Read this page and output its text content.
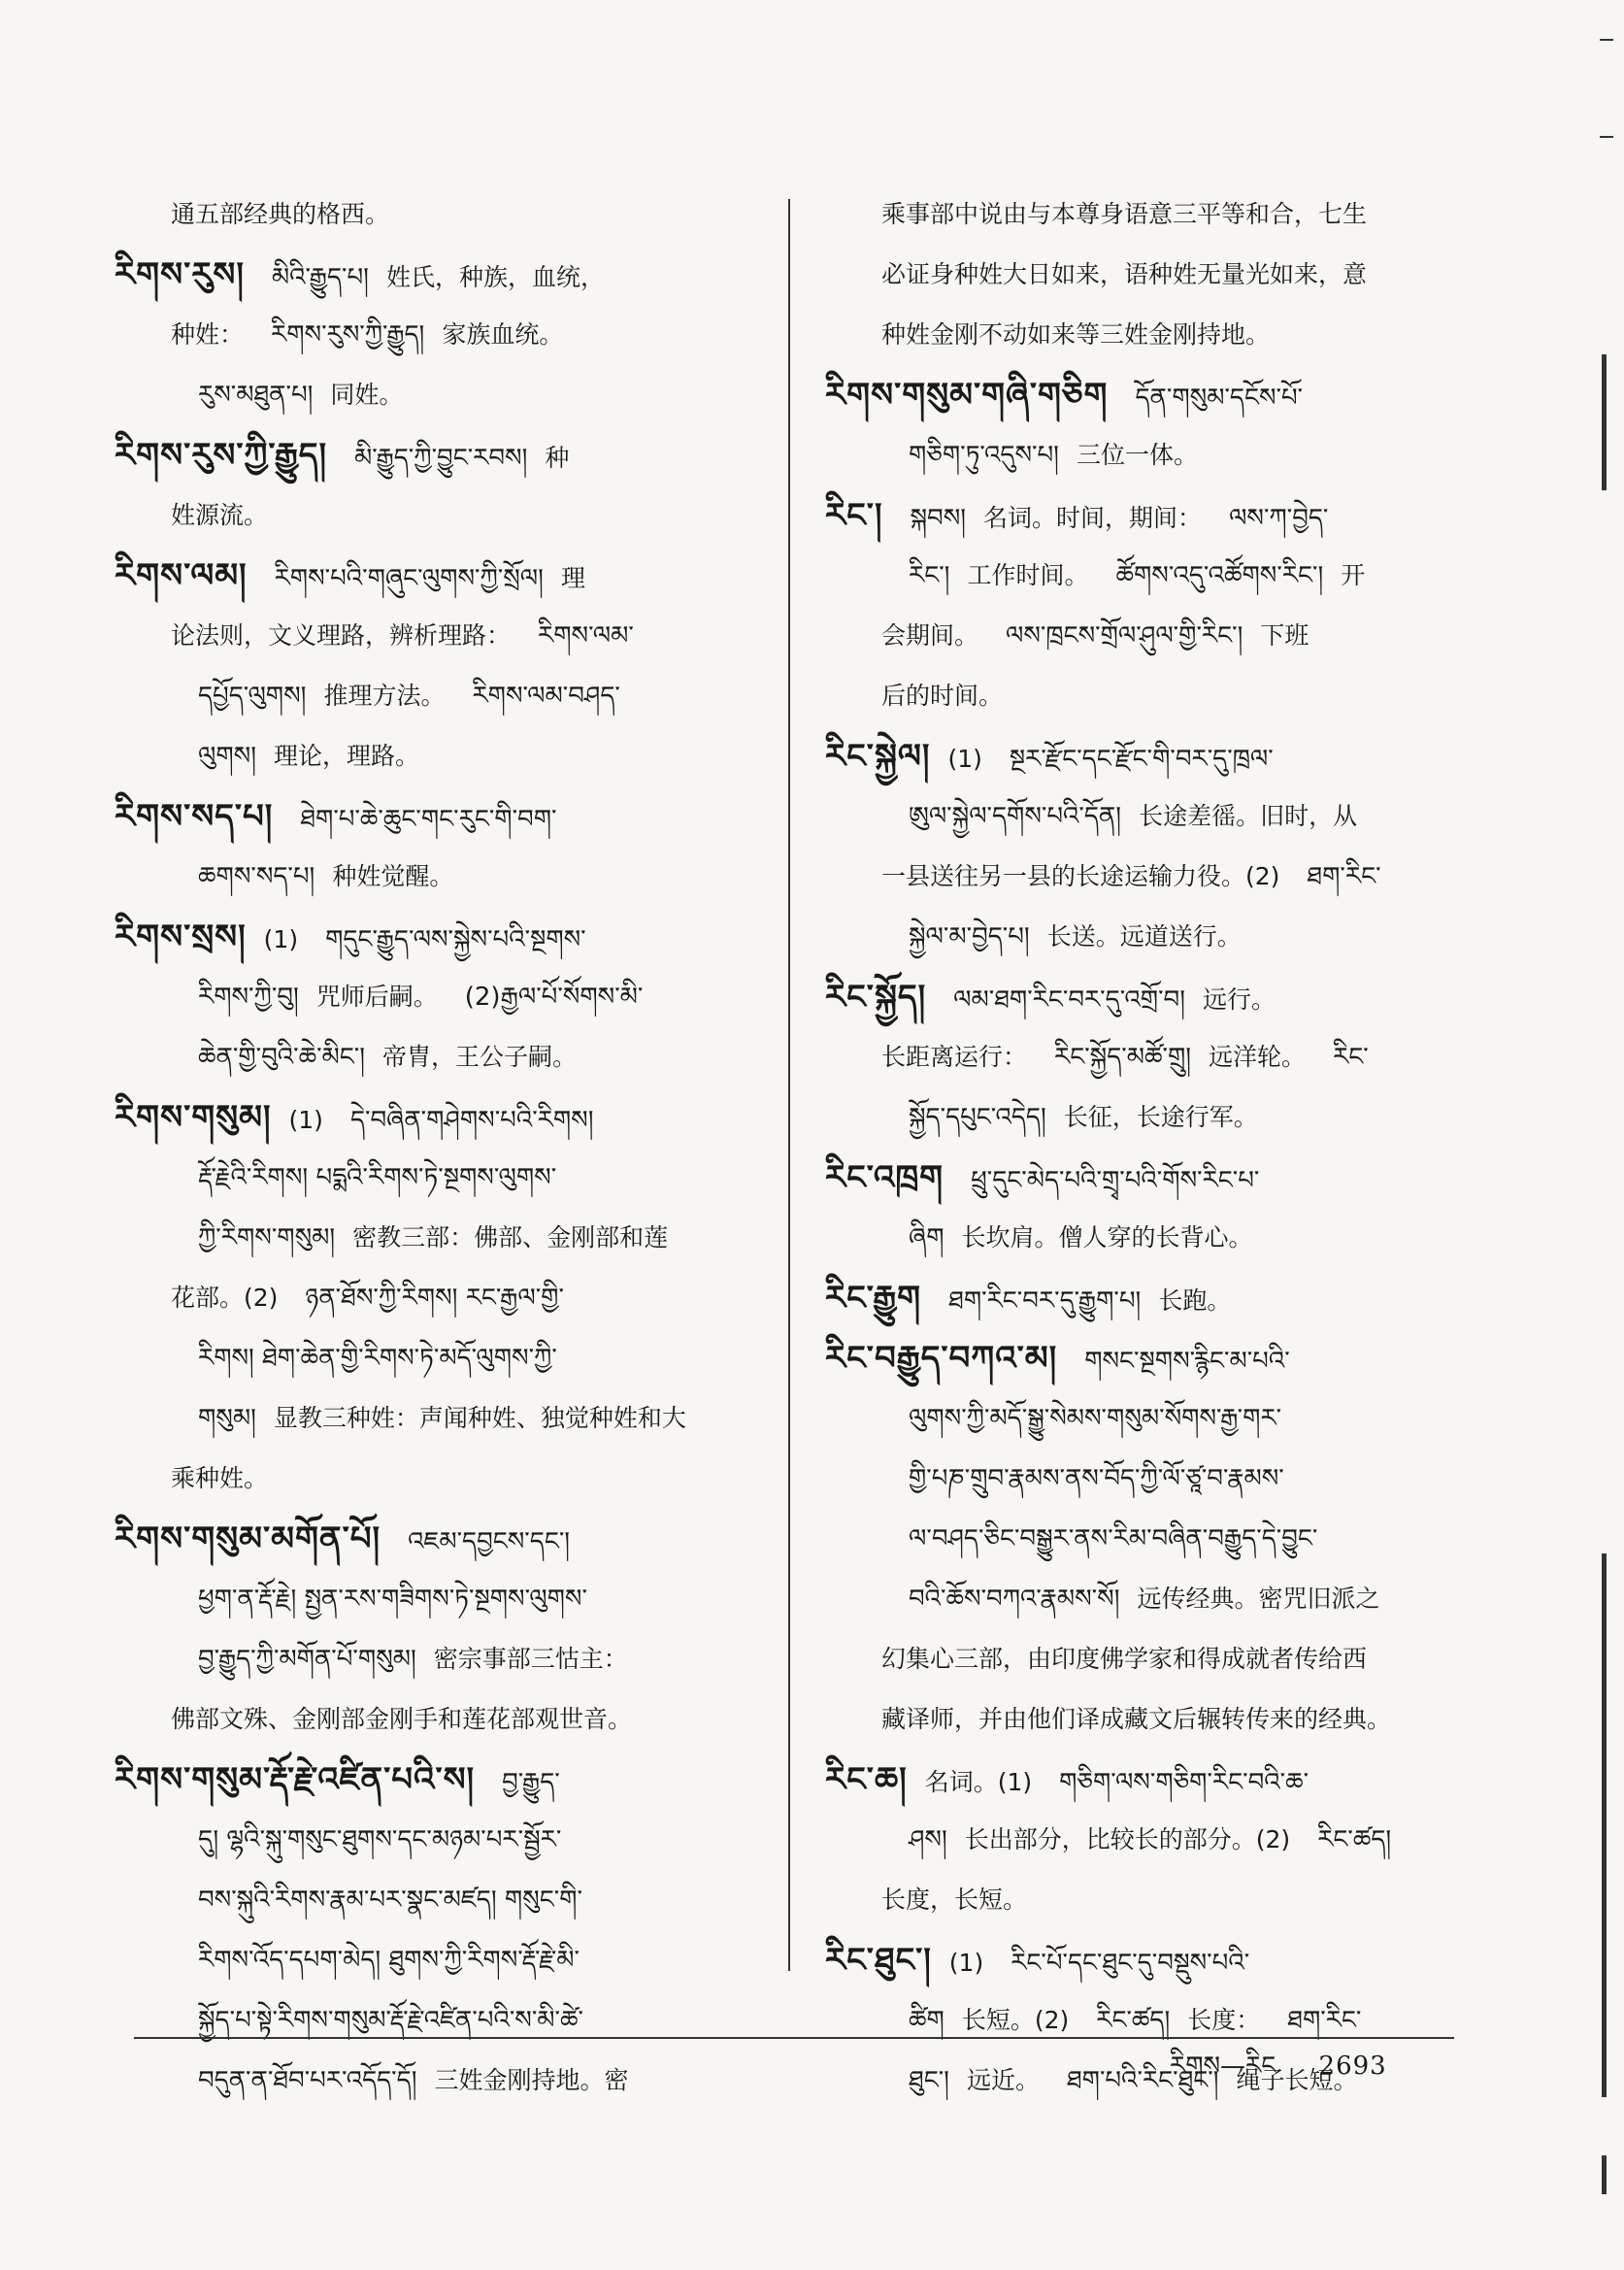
通五部经典的格西。
རིགས་རུས། མིའི་རྒྱུད་པ། 姓氏，种族，血统，
种姓： རིགས་རུས་ཀྱི་རྒྱུད། 家族血统。
རུས་མཐུན་པ། 同姓。
རིགས་རུས་ཀྱི་རྒྱུད། མི་རྒྱུད་ཀྱི་བྱུང་རབས། 种
姓源流。
རིགས་ལམ། རིགས་པའི་གཞུང་ལུགས་ཀྱི་སྲོལ། 理
论法则，文义理路，辨析理路： རིགས་ལམ་
དཔྱོད་ལུགས། 推理方法。 རིགས་ལམ་བཤད་
ལུགས། 理论，理路。
རིགས་སད་པ། ཐེག་པ་ཆེ་ཆུང་གང་རུང་གི་བག་
ཆགས་སད་པ། 种姓觉醒。
རིགས་སྲས། (1) གདུང་རྒྱུད་ལས་སྐྱེས་པའི་སྔགས་
རིགས་ཀྱི་བུ། 咒师后嗣。 (2)རྒྱལ་པོ་སོགས་མི་
ཆེན་གྱི་བུའི་ཆེ་མིང་། 帝胄，王公子嗣。
རིགས་གསུམ། (1) དེ་བཞིན་གཤེགས་པའི་རིགས།
རྡོ་རྗེའི་རིགས། པདྨའི་རིགས་ཏེ་སྔགས་ལུགས་
ཀྱི་རིགས་གསུམ། 密教三部：佛部、金刚部和莲
花部。(2) ཉན་ཐོས་ཀྱི་རིགས། རང་རྒྱལ་གྱི་
རིགས། ཐེག་ཆེན་གྱི་རིགས་ཏེ་མདོ་ལུགས་ཀྱི་
གསུམ། 显教三种姓：声闻种姓、独觉种姓和大
乘种姓。
རིགས་གསུམ་མགོན་པོ། འཇམ་དབྱངས་དང་།
ཕྱག་ན་རྡོ་རྗེ། སྤྱན་རས་གཟིགས་ཏེ་སྔགས་ལུགས་
བྱ་རྒྱུད་ཀྱི་མགོན་པོ་གསུམ། 密宗事部三怙主：
佛部文殊、金刚部金刚手和莲花部观世音。
རིགས་གསུམ་རྡོ་རྗེ་འཛིན་པའི་ས། བྱ་རྒྱུད་
དུ། ལྷའི་སྐུ་གསུང་ཐུགས་དང་མཉམ་པར་སྦྱོར་
བས་སྐུའི་རིགས་རྣམ་པར་སྣང་མཛད། གསུང་གི་
རིགས་འོད་དཔག་མེད། ཐུགས་ཀྱི་རིགས་རྡོ་རྗེ་མི་
སྐྱོད་པ་སྟེ་རིགས་གསུམ་རྡོ་རྗེ་འཛིན་པའི་ས་མི་ཚེ་
བདུན་ན་ཐོབ་པར་འདོད་དོ། 三姓金刚持地。密
乘事部中说由与本尊身语意三平等和合，七生
必证身种姓大日如来，语种姓无量光如来，意
种姓金刚不动如来等三姓金刚持地。
རིགས་གསུམ་གཞི་གཅིག དོན་གསུམ་དངོས་པོ་
གཅིག་ཏུ་འདུས་པ། 三位一体。
རིང་། སྐབས། 名词。时间，期间： ལས་ཀ་བྱེད་
རིང་། 工作时间。 ཚོགས་འདུ་འཚོགས་རིང་། 开
会期间。 ལས་ཁྲངས་གྲོལ་ཤུལ་གྱི་རིང་། 下班
后的时间。
རིང་སྐྱེལ། (1) སྔར་རྫོང་དང་རྫོང་གི་བར་དུ་ཁྲལ་
ཨུལ་སྐྱེལ་དགོས་པའི་དོན། 长途差徭。旧时，从
一县送往另一县的长途运输力役。(2) ཐག་རིང་
སྐྱེལ་མ་བྱེད་པ། 长送。远道送行。
རིང་སྐྱོད། ལམ་ཐག་རིང་བར་དུ་འགྲོ་བ། 远行。
长距离运行： རིང་སྐྱོད་མཚོ་གྲུ། 远洋轮。 རིང་
སྐྱོད་དཔུང་འདེད། 长征，长途行军。
རིང་འཁྲག ཕྲུ་དུང་མེད་པའི་གྲྭ་པའི་གོས་རིང་པ་
ཞིག 长坎肩。僧人穿的长背心。
རིང་རྒྱུག ཐག་རིང་བར་དུ་རྒྱུག་པ། 长跑。
རིང་བརྒྱུད་བཀའ་མ། གསང་སྔགས་རྙིང་མ་པའི་
ལུགས་ཀྱི་མདོ་སྒྱུ་སེམས་གསུམ་སོགས་རྒྱ་གར་
གྱི་པཎ་གྲུབ་རྣམས་ནས་བོད་ཀྱི་ལོ་ཙཱ་བ་རྣམས་
ལ་བཤད་ཅིང་བསྒྱུར་ནས་རིམ་བཞིན་བརྒྱུད་དེ་བྱུང་
བའི་ཆོས་བཀའ་རྣམས་སོ། 远传经典。密咒旧派之
幻集心三部，由印度佛学家和得成就者传给西
藏译师，并由他们译成藏文后辗转传来的经典。
རིང་ཆ། 名词。(1) གཅིག་ལས་གཅིག་རིང་བའི་ཆ་
ཤས། 长出部分，比较长的部分。(2) རིང་ཚད།
长度，长短。
རིང་ཐུང་། (1) རིང་པོ་དང་ཐུང་དུ་བསྡུས་པའི་
ཚིག 长短。(2) རིང་ཚད། 长度： ཐག་རིང་
ཐུང་། 远近。 ཐག་པའི་རིང་ཐུང་། 绳子长短。
རིགས—རིང 2693
